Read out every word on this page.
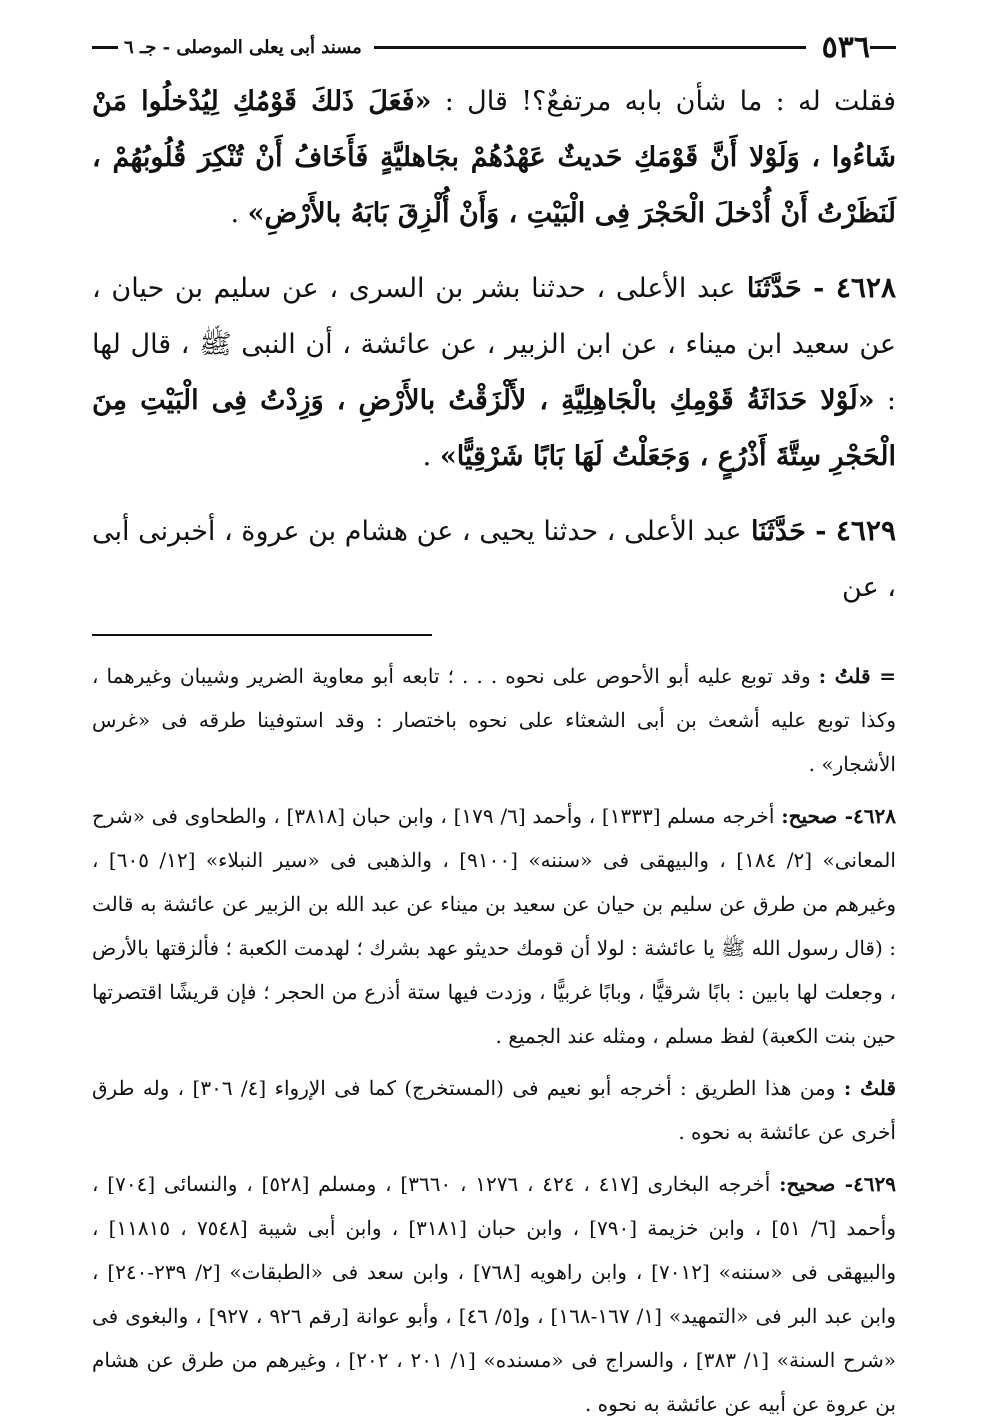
٥٣٦
مسند أبى يعلى الموصلى - جـ ٦

فقلت له : ما شأن بابه مرتفعٌ؟! قال : «فَعَلَ ذَلكَ قَوْمُكِ لِيُدْخلُوا مَنْ شَاءُوا ، وَلَوْلا أَنَّ قَوْمَكِ حَديثٌ عَهْدُهُمْ بجَاهليَّةٍ فَأَخَافُ أَنْ تُنْكِرَ قُلُوبُهُمْ ، لَنَظَرْتُ أَنْ أُدْخلَ الْحَجْرَ فِى الْبَيْتِ ، وَأَنْ أُلْزِقَ بَابَهُ بالأَرْضِ» .

٤٦٢٨ - حَدَّثَنَا عبد الأعلى ، حدثنا بشر بن السرى ، عن سليم بن حيان ، عن سعيد ابن ميناء ، عن ابن الزبير ، عن عائشة ، أن النبى ﷺ ، قال لها : «لَوْلا حَدَاثَةُ قَوْمِكِ بالْجَاهِلِيَّةِ ، لأَلْزَقْتُ بالأَرْضِ ، وَزِدْتُ فِى الْبَيْتِ مِنَ الْحَجْرِ سِتَّةَ أَذْرُعٍ ، وَجَعَلْتُ لَهَا بَابًا شَرْقِيًّا» .

٤٦٢٩ - حَدَّثَنَا عبد الأعلى ، حدثنا يحيى ، عن هشام بن عروة ، أخبرنى أبى ، عن

= قلتُ : وقد توبع عليه أبو الأحوص على نحوه . . . ؛ تابعه أبو معاوية الضرير وشيبان وغيرهما ، وكذا توبع عليه أشعث بن أبى الشعثاء على نحوه باختصار : وقد استوفينا طرقه فى «غرس الأشجار» .

٤٦٢٨- صحيح: أخرجه مسلم [١٣٣٣] ، وأحمد [٦/ ١٧٩] ، وابن حبان [٣٨١٨] ، والطحاوى فى «شرح المعانى» [٢/ ١٨٤] ، والبيهقى فى «سننه» [٩١٠٠] ، والذهبى فى «سير النبلاء» [١٢/ ٦٠٥] ، وغيرهم من طرق عن سليم بن حيان عن سعيد بن ميناء عن عبد الله بن الزبير عن عائشة به قالت : (قال رسول الله ﷺ يا عائشة : لولا أن قومك حديثو عهد بشرك ؛ لهدمت الكعبة ؛ فألزقتها بالأرض ، وجعلت لها بابين : بابًا شرقيًّا ، وبابًا غربيًّا ، وزدت فيها ستة أذرع من الحجر ؛ فإن قريشًا اقتصرتها حين بنت الكعبة) لفظ مسلم ، ومثله عند الجميع .

قلتُ : ومن هذا الطريق : أخرجه أبو نعيم فى (المستخرج) كما فى الإرواء [٤/ ٣٠٦] ، وله طرق أخرى عن عائشة به نحوه .

٤٦٢٩- صحيح: أخرجه البخارى [٤١٧ ، ٤٢٤ ، ١٢٧٦ ، ٣٦٦٠] ، ومسلم [٥٢٨] ، والنسائى [٧٠٤] ، وأحمد [٦/ ٥١] ، وابن خزيمة [٧٩٠] ، وابن حبان [٣١٨١] ، وابن أبى شيبة [٧٥٤٨ ، ١١٨١٥] ، والبيهقى فى «سننه» [٧٠١٢] ، وابن راهويه [٧٦٨] ، وابن سعد فى «الطبقات» [٢/ ٢٣٩-٢٤٠] ، وابن عبد البر فى «التمهيد» [١/ ١٦٧-١٦٨] ، و[٥/ ٤٦] ، وأبو عوانة [رقم ٩٢٦ ، ٩٢٧] ، والبغوى فى «شرح السنة» [١/ ٣٨٣] ، والسراج فى «مسنده» [١/ ٢٠١ ، ٢٠٢] ، وغيرهم من طرق عن هشام بن عروة عن أبيه عن عائشة به نحوه .
